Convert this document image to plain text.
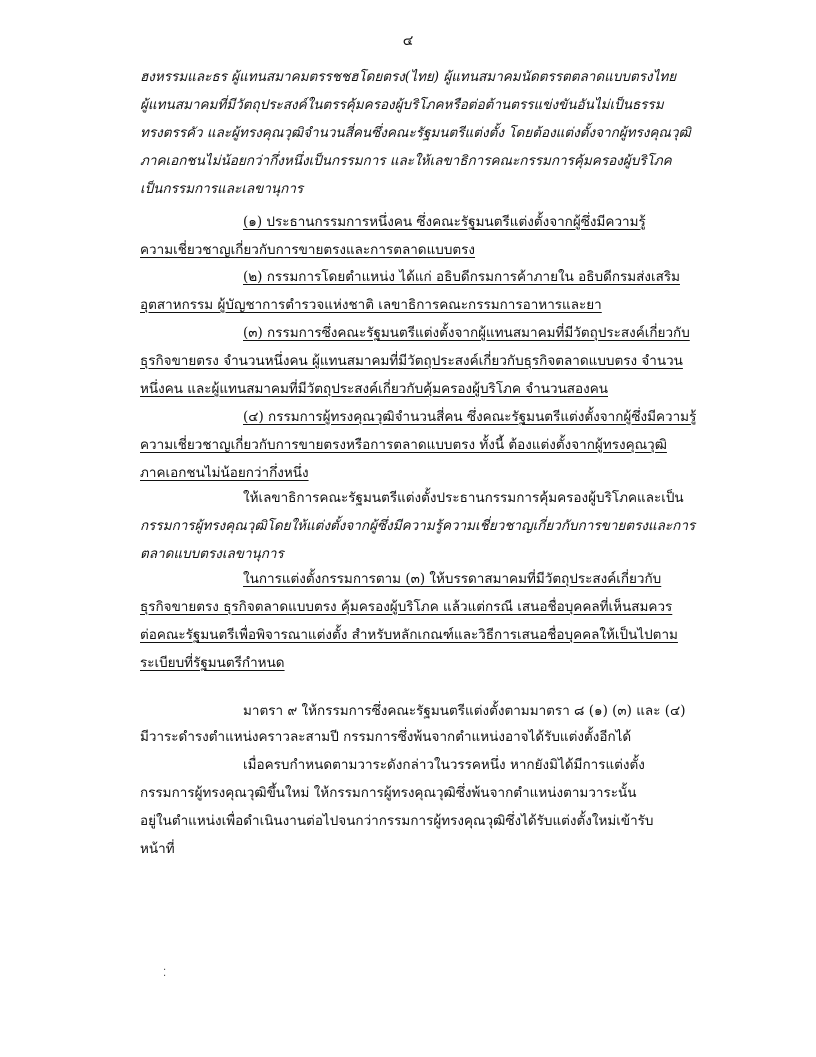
๔
ฮงหรรมและธร ผู้แทนสมาคมตรรชชฮโดยตรง(ไทย) ผู้แทนสมาคมนัดตรรตตลาดแบบตรงไทย
ผู้แทนสมาคมที่มีวัตถุประสงค์ในตรรคุ้มครองผู้บริโภคหรือต่อต้านตรรแข่งขันอันไม่เป็นธรรม
ทรงตรรคัว และผู้ทรงคุณวุฒิจำนวนสี่คนซึ่งคณะรัฐมนตรีแต่งตั้ง โดยต้องแต่งตั้งจากผู้ทรงคุณวุฒิ
ภาคเอกชนไม่น้อยกว่ากึ่งหนึ่งเป็นกรรมการ และให้เลขาธิการคณะกรรมการคุ้มครองผู้บริโภค
เป็นกรรมการและเลขานุการ
(๑) ประธานกรรมการหนึ่งคน ซึ่งคณะรัฐมนตรีแต่งตั้งจากผู้ซึ่งมีความรู้
ความเชี่ยวชาญเกี่ยวกับการขายตรงและการตลาดแบบตรง
(๒) กรรมการโดยตำแหน่ง ได้แก่ อธิบดีกรมการค้าภายใน อธิบดีกรมส่งเสริม
อุตสาหกรรม ผู้บัญชาการตำรวจแห่งชาติ เลขาธิการคณะกรรมการอาหารและยา
(๓) กรรมการซึ่งคณะรัฐมนตรีแต่งตั้งจากผู้แทนสมาคมที่มีวัตถุประสงค์เกี่ยวกับ
ธุรกิจขายตรง จำนวนหนึ่งคน ผู้แทนสมาคมที่มีวัตถุประสงค์เกี่ยวกับธุรกิจตลาดแบบตรง จำนวน
หนึ่งคน และผู้แทนสมาคมที่มีวัตถุประสงค์เกี่ยวกับคุ้มครองผู้บริโภค จำนวนสองคน
(๔) กรรมการผู้ทรงคุณวุฒิจำนวนสี่คน ซึ่งคณะรัฐมนตรีแต่งตั้งจากผู้ซึ่งมีความรู้
ความเชี่ยวชาญเกี่ยวกับการขายตรงหรือการตลาดแบบตรง ทั้งนี้ ต้องแต่งตั้งจากผู้ทรงคุณวุฒิ
ภาคเอกชนไม่น้อยกว่ากึ่งหนึ่ง
ให้เลขาธิการคณะรัฐมนตรีแต่งตั้งประธานกรรมการคุ้มครองผู้บริโภคและเป็น
กรรมการผู้ทรงคุณวุฒิโดยให้แต่งตั้งจากผู้ซึ่งมีความรู้ความเชี่ยวชาญเกี่ยวกับการขายตรงและการ
ตลาดแบบตรงเลขานุการ
ในการแต่งตั้งกรรมการตาม (๓) ให้บรรดาสมาคมที่มีวัตถุประสงค์เกี่ยวกับ
ธุรกิจขายตรง ธุรกิจตลาดแบบตรง คุ้มครองผู้บริโภค แล้วแต่กรณี เสนอชื่อบุคคลที่เห็นสมควร
ต่อคณะรัฐมนตรีเพื่อพิจารณาแต่งตั้ง สำหรับหลักเกณฑ์และวิธีการเสนอชื่อบุคคลให้เป็นไปตาม
ระเบียบที่รัฐมนตรีกำหนด
มาตรา ๙ ให้กรรมการซึ่งคณะรัฐมนตรีแต่งตั้งตามมาตรา ๘ (๑) (๓) และ (๔)
มีวาระดำรงตำแหน่งคราวละสามปี กรรมการซึ่งพ้นจากตำแหน่งอาจได้รับแต่งตั้งอีกได้
เมื่อครบกำหนดตามวาระดังกล่าวในวรรคหนึ่ง หากยังมิได้มีการแต่งตั้ง
กรรมการผู้ทรงคุณวุฒิขึ้นใหม่ ให้กรรมการผู้ทรงคุณวุฒิซึ่งพ้นจากตำแหน่งตามวาระนั้น
อยู่ในตำแหน่งเพื่อดำเนินงานต่อไปจนกว่ากรรมการผู้ทรงคุณวุฒิซึ่งได้รับแต่งตั้งใหม่เข้ารับ
หน้าที่
⁚
